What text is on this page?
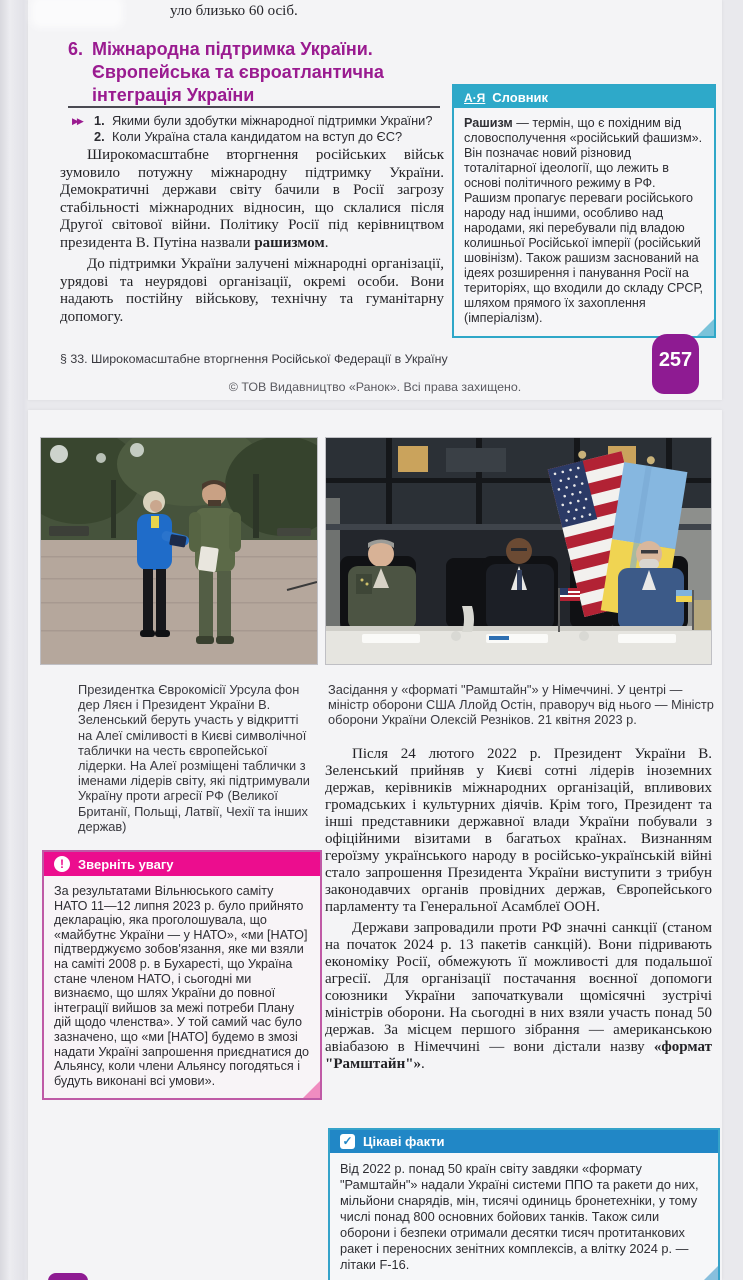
уло близько 60 осіб.
6. Міжнародна підтримка України. Європейська та євроатлантична інтеграція України
▶▶ 1. Якими були здобутки міжнародної підтримки України?
2. Коли Україна стала кандидатом на вступ до ЄС?

Широкомасштабне вторгнення російських військ зумовило потужну міжнародну підтримку України. Демократичні держави світу бачили в Росії загрозу стабільності міжнародних відносин, що склалися після Другої світової війни. Політику Росії під керівництвом президента В. Путіна назвали рашизмом.

До підтримки України залучені міжнародні організації, урядові та неурядові організації, окремі особи. Вони надають постійну військову, технічну та гуманітарну допомогу.

А·Я Словник

Рашизм — термін, що є похідним від словосполучення «російський фашизм». Він позначає новий різновид тоталітарної ідеології, що лежить в основі політичного режиму в РФ. Рашизм пропагує переваги російського народу над іншими, особливо над народами, які перебували під владою колишньої Російської імперії (російський шовінізм). Також рашизм заснований на ідеях розширення і панування Росії на територіях, що входили до складу СРСР, шляхом прямого їх захоплення (імперіалізм).

§ 33. Широкомасштабне вторгнення Російської Федерації в Україну	257
© ТОВ Видавництво «Ранок». Всі права захищено.
Президентка Єврокомісії Урсула фон дер Ляєн і Президент України В. Зеленський беруть участь у відкритті на Алеї сміливості в Києві символічної таблички на честь європейської лідерки. На Алеї розміщені таблички з іменами лідерів світу, які підтримували Україну проти агресії РФ (Великої Британії, Польщі, Латвії, Чехії та інших держав)
Засідання у «форматі "Рамштайн"» у Німеччині. У центрі — міністр оборони США Ллойд Остін, праворуч від нього — Міністр оборони України Олексій Резніков. 21 квітня 2023 р.

Після 24 лютого 2022 р. Президент України В. Зеленський прийняв у Києві сотні лідерів іноземних держав, керівників міжнародних організацій, впливових громадських і культурних діячів. Крім того, Президент та інші представники державної влади України побували з офіційними візитами в багатьох країнах. Визнанням героїзму українського народу в російсько-українській війні стало запрошення Президента України виступити з трибун законодавчих органів провідних держав, Європейського парламенту та Генеральної Асамблеї ООН.

Держави запровадили проти РФ значні санкції (станом на початок 2024 р. 13 пакетів санкцій). Вони підривають економіку Росії, обмежують її можливості для подальшої агресії. Для організації постачання воєнної допомоги союзники України започаткували щомісячні зустрічі міністрів оборони. На сьогодні в них взяли участь понад 50 держав. За місцем першого зібрання — американською авіабазою в Німеччині — вони дістали назву «формат "Рамштайн"».

!	Зверніть увагу

За результатами Вільнюського саміту НАТО 11—12 липня 2023 р. було прийнято декларацію, яка проголошувала, що «майбутнє України — у НАТО», «ми [НАТО] підтверджуємо зобов'язання, яке ми взяли на саміті 2008 р. в Бухаресті, що Україна стане членом НАТО, і сьогодні ми визнаємо, що шлях України до повної інтеграції вийшов за межі потреби Плану дій щодо членства». У той самий час було зазначено, що «ми [НАТО] будемо в змозі надати Україні запрошення приєднатися до Альянсу, коли члени Альянсу погодяться і будуть виконані всі умови».

✓ Цікаві факти

Від 2022 р. понад 50 країн світу завдяки «формату "Рамштайн"» надали Україні системи ППО та ракети до них, мільйони снарядів, мін, тисячі одиниць бронетехніки, у тому числі понад 800 основних бойових танків. Також сили оборони і безпеки отримали десятки тисяч протитанкових ракет і переносних зенітних комплексів, а влітку 2024 р. — літаки F-16.
